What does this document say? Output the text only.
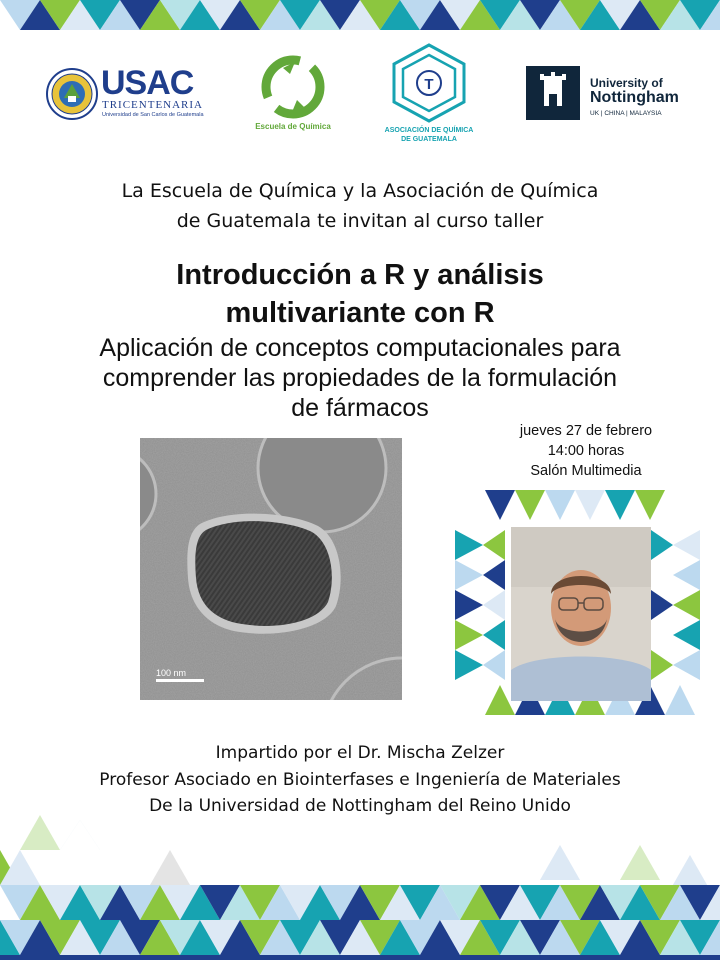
USAC
TRICENTENARIA
Universidad de San Carlos de Guatemala
Escuela de Química
T
ASOCIACIÓN DE QUÍMICA
DE GUATEMALA
University of
Nottingham
UK | CHINA | MALAYSIA
La Escuela de Química y la Asociación de Química
de Guatemala te invitan al curso taller
Introducción a R y análisis
multivariante con R
Aplicación de conceptos computacionales para
comprender las propiedades de la formulación
de fármacos
jueves 27 de febrero
14:00 horas
Salón Multimedia
100 nm
Impartido por el Dr. Mischa Zelzer
Profesor Asociado en Biointerfases e Ingeniería de Materiales
De la Universidad de Nottingham del Reino Unido
